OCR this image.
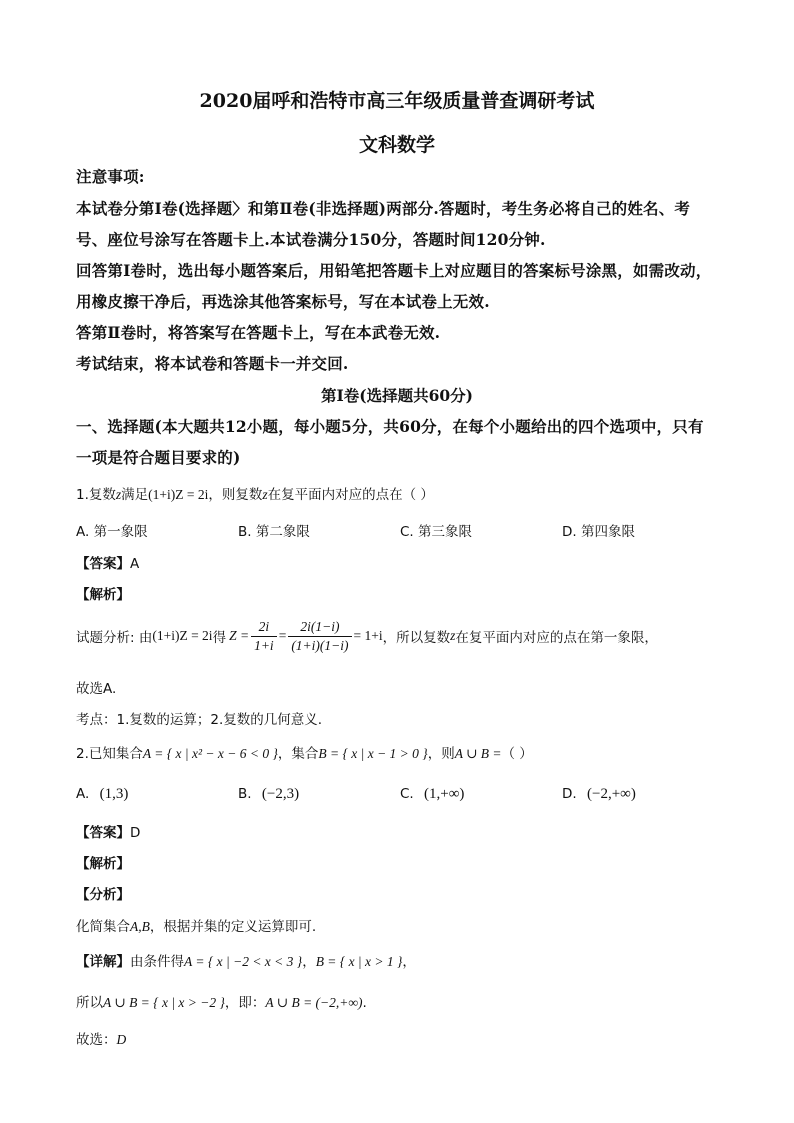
2020届呼和浩特市高三年级质量普查调研考试
文科数学
注意事项:
本试卷分第Ⅰ卷(选择题〉和第Ⅱ卷(非选择题)两部分.答题时，考生务必将自己的姓名、考
号、座位号涂写在答题卡上.本试卷满分150分，答题时间120分钟.
回答第Ⅰ卷时，选出每小题答案后，用铅笔把答题卡上对应题目的答案标号涂黑，如需改动，
用橡皮擦干净后，再选涂其他答案标号，写在本试卷上无效.
答第Ⅱ卷时，将答案写在答题卡上，写在本武卷无效.
考试结束，将本试卷和答题卡一并交回.
第Ⅰ卷(选择题共60分)
一、选择题(本大题共12小题，每小题5分，共60分，在每个小题给出的四个选项中，只有
一项是符合题目要求的)
1.复数z满足(1+i)Z = 2i，则复数z在复平面内对应的点在（ ）
A. 第一象限	B. 第二象限	C. 第三象限	D. 第四象限
【答案】A
【解析】
试题分析: 由 (1+i)Z = 2i 得 $Z = \frac{2i}{1+i} = \frac{2i(1-i)}{(1+i)(1-i)} = 1+i$ ，所以复数 z 在复平面内对应的点在第一象限，
故选A.
考点：1.复数的运算；2.复数的几何意义.
2.已知集合A = { x | x² − x − 6 < 0 }，集合B = { x | x − 1 > 0 }，则A ∪ B =（ ）
A. (1,3)	B. (−2,3)	C. (1,+∞)	D. (−2,+∞)
【答案】D
【解析】
【分析】
化简集合A,B，根据并集的定义运算即可.
【详解】由条件得A = { x | −2 < x < 3 }，B = { x | x > 1 }，
所以A ∪ B = { x | x > −2 }，即：A ∪ B = (−2,+∞).
故选：D
